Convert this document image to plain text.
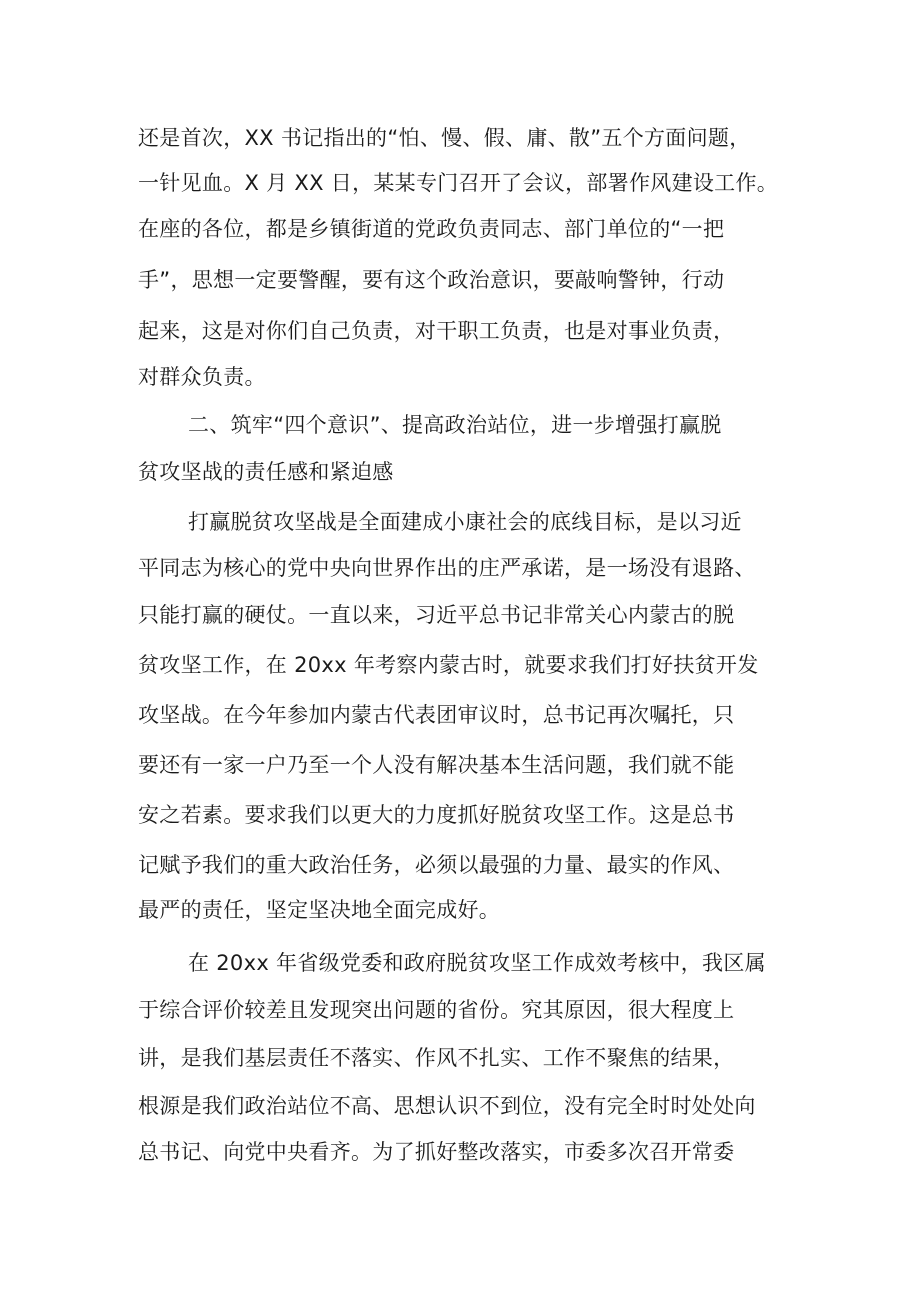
还是首次，XX 书记指出的“怕、慢、假、庸、散”五个方面问题，
一针见血。X 月 XX 日，某某专门召开了会议，部署作风建设工作。
在座的各位，都是乡镇街道的党政负责同志、部门单位的“一把
手”，思想一定要警醒，要有这个政治意识，要敲响警钟，行动
起来，这是对你们自己负责，对干职工负责，也是对事业负责，
对群众负责。
二、筑牢“四个意识”、提高政治站位，进一步增强打赢脱
贫攻坚战的责任感和紧迫感
打赢脱贫攻坚战是全面建成小康社会的底线目标，是以习近
平同志为核心的党中央向世界作出的庄严承诺，是一场没有退路、
只能打赢的硬仗。一直以来，习近平总书记非常关心内蒙古的脱
贫攻坚工作，在 20xx 年考察内蒙古时，就要求我们打好扶贫开发
攻坚战。在今年参加内蒙古代表团审议时，总书记再次嘱托，只
要还有一家一户乃至一个人没有解决基本生活问题，我们就不能
安之若素。要求我们以更大的力度抓好脱贫攻坚工作。这是总书
记赋予我们的重大政治任务，必须以最强的力量、最实的作风、
最严的责任，坚定坚决地全面完成好。
在 20xx 年省级党委和政府脱贫攻坚工作成效考核中，我区属
于综合评价较差且发现突出问题的省份。究其原因，很大程度上
讲，是我们基层责任不落实、作风不扎实、工作不聚焦的结果，
根源是我们政治站位不高、思想认识不到位，没有完全时时处处向
总书记、向党中央看齐。为了抓好整改落实，市委多次召开常委
